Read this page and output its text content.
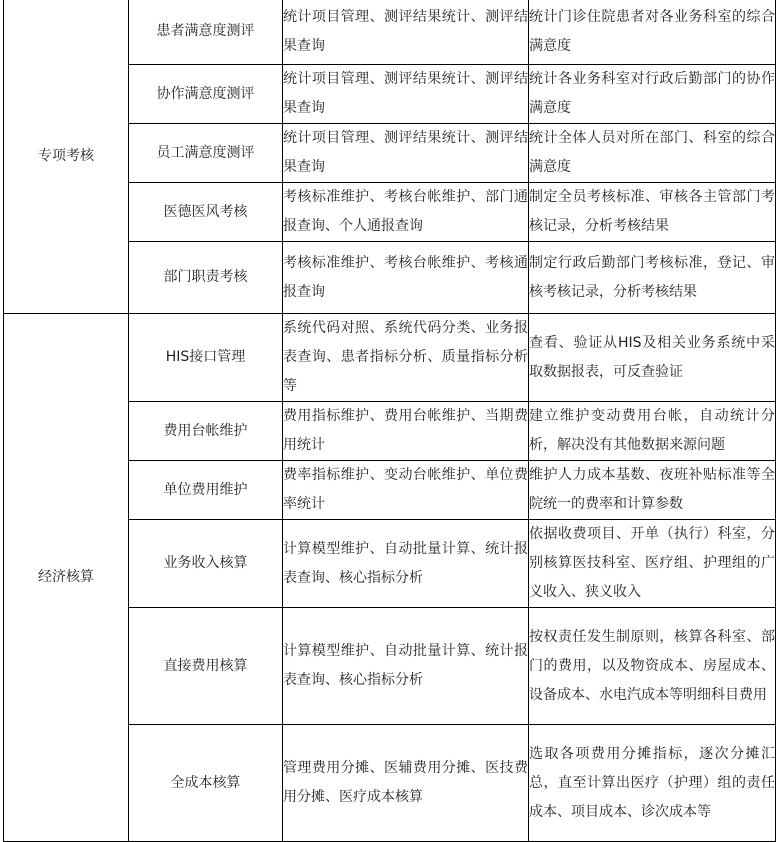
专项考核	患者满意度测评	统计项目管理、测评结果统计、测评结果查询	统计门诊住院患者对各业务科室的综合满意度
	协作满意度测评	统计项目管理、测评结果统计、测评结果查询	统计各业务科室对行政后勤部门的协作满意度
	员工满意度测评	统计项目管理、测评结果统计、测评结果查询	统计全体人员对所在部门、科室的综合满意度
	医德医风考核	考核标准维护、考核台帐维护、部门通报查询、个人通报查询	制定全员考核标准、审核各主管部门考核记录，分析考核结果
	部门职责考核	考核标准维护、考核台帐维护、考核通报查询	制定行政后勤部门考核标准，登记、审核考核记录，分析考核结果
经济核算	HIS接口管理	系统代码对照、系统代码分类、业务报表查询、患者指标分析、质量指标分析等	查看、验证从HIS及相关业务系统中采取数据报表，可反查验证
	费用台帐维护	费用指标维护、费用台帐维护、当期费用统计	建立维护变动费用台帐，自动统计分析，解决没有其他数据来源问题
	单位费用维护	费率指标维护、变动台帐维护、单位费率统计	维护人力成本基数、夜班补贴标准等全院统一的费率和计算参数
	业务收入核算	计算模型维护、自动批量计算、统计报表查询、核心指标分析	依据收费项目、开单（执行）科室，分别核算医技科室、医疗组、护理组的广义收入、狭义收入
	直接费用核算	计算模型维护、自动批量计算、统计报表查询、核心指标分析	按权责任发生制原则，核算各科室、部门的费用，以及物资成本、房屋成本、设备成本、水电汽成本等明细科目费用
	全成本核算	管理费用分摊、医辅费用分摊、医技费用分摊、医疗成本核算	选取各项费用分摊指标，逐次分摊汇总，直至计算出医疗（护理）组的责任成本、项目成本、诊次成本等
